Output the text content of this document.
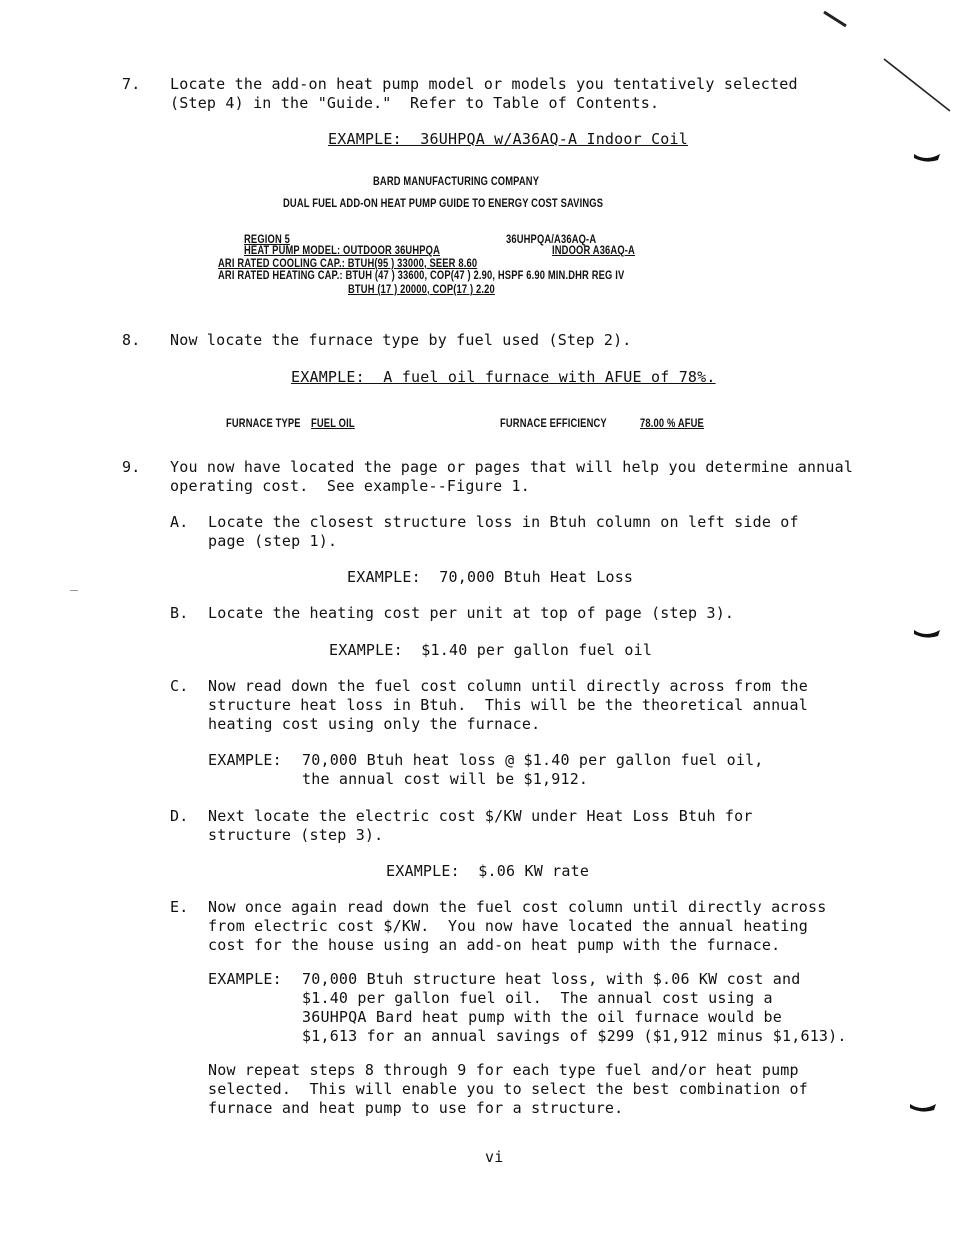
7. Locate the add-on heat pump model or models you tentatively selected
(Step 4) in the "Guide."  Refer to Table of Contents.
EXAMPLE:  36UHPQA w/A36AQ-A Indoor Coil
BARD MANUFACTURING COMPANY
DUAL FUEL ADD-ON HEAT PUMP GUIDE TO ENERGY COST SAVINGS
REGION 5	36UHPQA/A36AQ-A
HEAT PUMP MODEL: OUTDOOR 36UHPQA	INDOOR A36AQ-A
ARI RATED COOLING CAP.: BTUH(95 ) 33000, SEER 8.60
ARI RATED HEATING CAP.: BTUH (47 ) 33600, COP(47 ) 2.90, HSPF 6.90 MIN.DHR REG IV
BTUH (17 ) 20000, COP(17 ) 2.20
8. Now locate the furnace type by fuel used (Step 2).
EXAMPLE:  A fuel oil furnace with AFUE of 78%.
FURNACE TYPE FUEL OIL	FURNACE EFFICIENCY	78.00 % AFUE
9. You now have located the page or pages that will help you determine annual
operating cost.  See example--Figure 1.
A. Locate the closest structure loss in Btuh column on left side of
page (step 1).
EXAMPLE:  70,000 Btuh Heat Loss
B. Locate the heating cost per unit at top of page (step 3).
EXAMPLE:  $1.40 per gallon fuel oil
C. Now read down the fuel cost column until directly across from the
structure heat loss in Btuh.  This will be the theoretical annual
heating cost using only the furnace.
EXAMPLE: 70,000 Btuh heat loss @ $1.40 per gallon fuel oil,
the annual cost will be $1,912.
D. Next locate the electric cost $/KW under Heat Loss Btuh for
structure (step 3).
EXAMPLE:  $.06 KW rate
E. Now once again read down the fuel cost column until directly across
from electric cost $/KW.  You now have located the annual heating
cost for the house using an add-on heat pump with the furnace.
EXAMPLE: 70,000 Btuh structure heat loss, with $.06 KW cost and
$1.40 per gallon fuel oil.  The annual cost using a
36UHPQA Bard heat pump with the oil furnace would be
$1,613 for an annual savings of $299 ($1,912 minus $1,613).
Now repeat steps 8 through 9 for each type fuel and/or heat pump
selected.  This will enable you to select the best combination of
furnace and heat pump to use for a structure.
vi
